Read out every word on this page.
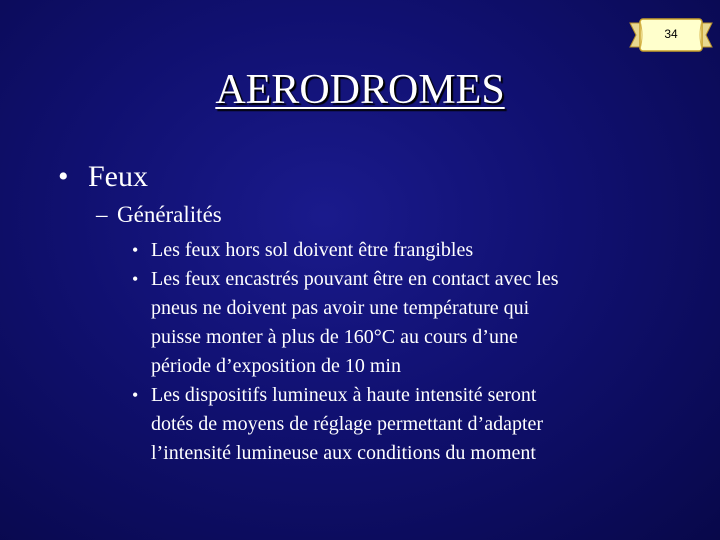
34
AERODROMES
• Feux
– Généralités
• Les feux hors sol doivent être frangibles
• Les feux encastrés pouvant être en contact avec les
pneus ne doivent pas avoir une température qui
puisse monter à plus de 160°C au cours d’une
période d’exposition de 10 min
• Les dispositifs lumineux à haute intensité seront
dotés de moyens de réglage permettant d’adapter
l’intensité lumineuse aux conditions du moment
